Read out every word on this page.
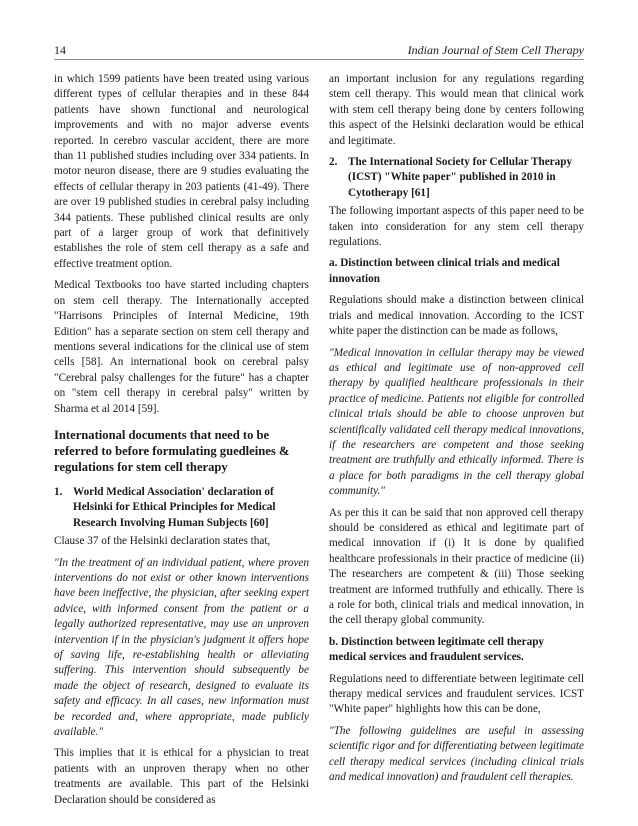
14	Indian Journal of Stem Cell Therapy

in which 1599 patients have been treated using various different types of cellular therapies and in these 844 patients have shown functional and neurological improvements and with no major adverse events reported. In cerebro vascular accident, there are more than 11 published studies including over 334 patients. In motor neuron disease, there are 9 studies evaluating the effects of cellular therapy in 203 patients (41-49). There are over 19 published studies in cerebral palsy including 344 patients. These published clinical results are only part of a larger group of work that definitively establishes the role of stem cell therapy as a safe and effective treatment option.

Medical Textbooks too have started including chapters on stem cell therapy. The Internationally accepted "Harrisons Principles of Internal Medicine, 19th Edition" has a separate section on stem cell therapy and mentions several indications for the clinical use of stem cells [58]. An international book on cerebral palsy "Cerebral palsy challenges for the future" has a chapter on "stem cell therapy in cerebral palsy" written by Sharma et al 2014 [59].

International documents that need to be referred to before formulating guedleines & regulations for stem cell therapy
1. World Medical Association' declaration of Helsinki for Ethical Principles for Medical Research Involving Human Subjects [60]

Clause 37 of the Helsinki declaration states that,

"In the treatment of an individual patient, where proven interventions do not exist or other known interventions have been ineffective, the physician, after seeking expert advice, with informed consent from the patient or a legally authorized representative, may use an unproven intervention if in the physician's judgment it offers hope of saving life, re-establishing health or alleviating suffering. This intervention should subsequently be made the object of research, designed to evaluate its safety and efficacy. In all cases, new information must be recorded and, where appropriate, made publicly available."

This implies that it is ethical for a physician to treat patients with an unproven therapy when no other treatments are available. This part of the Helsinki Declaration should be considered as

an important inclusion for any regulations regarding stem cell therapy. This would mean that clinical work with stem cell therapy being done by centers following this aspect of the Helsinki declaration would be ethical and legitimate.

2. The International Society for Cellular Therapy (ICST) "White paper" published in 2010 in Cytotherapy [61]

The following important aspects of this paper need to be taken into consideration for any stem cell therapy regulations.

a. Distinction between clinical trials and medical innovation

Regulations should make a distinction between clinical trials and medical innovation. According to the ICST white paper the distinction can be made as follows,

"Medical innovation in cellular therapy may be viewed as ethical and legitimate use of non-approved cell therapy by qualified healthcare professionals in their practice of medicine. Patients not eligible for controlled clinical trials should be able to choose unproven but scientifically validated cell therapy medical innovations, if the researchers are competent and those seeking treatment are truthfully and ethically informed. There is a place for both paradigms in the cell therapy global community."

As per this it can be said that non approved cell therapy should be considered as ethical and legitimate part of medical innovation if (i) It is done by qualified healthcare professionals in their practice of medicine (ii) The researchers are competent & (iii) Those seeking treatment are informed truthfully and ethically. There is a role for both, clinical trials and medical innovation, in the cell therapy global community.

b. Distinction between legitimate cell therapy medical services and fraudulent services.

Regulations need to differentiate between legitimate cell therapy medical services and fraudulent services. ICST "White paper" highlights how this can be done,

"The following guidelines are useful in assessing scientific rigor and for differentiating between legitimate cell therapy medical services (including clinical trials and medical innovation) and fraudulent cell therapies.
